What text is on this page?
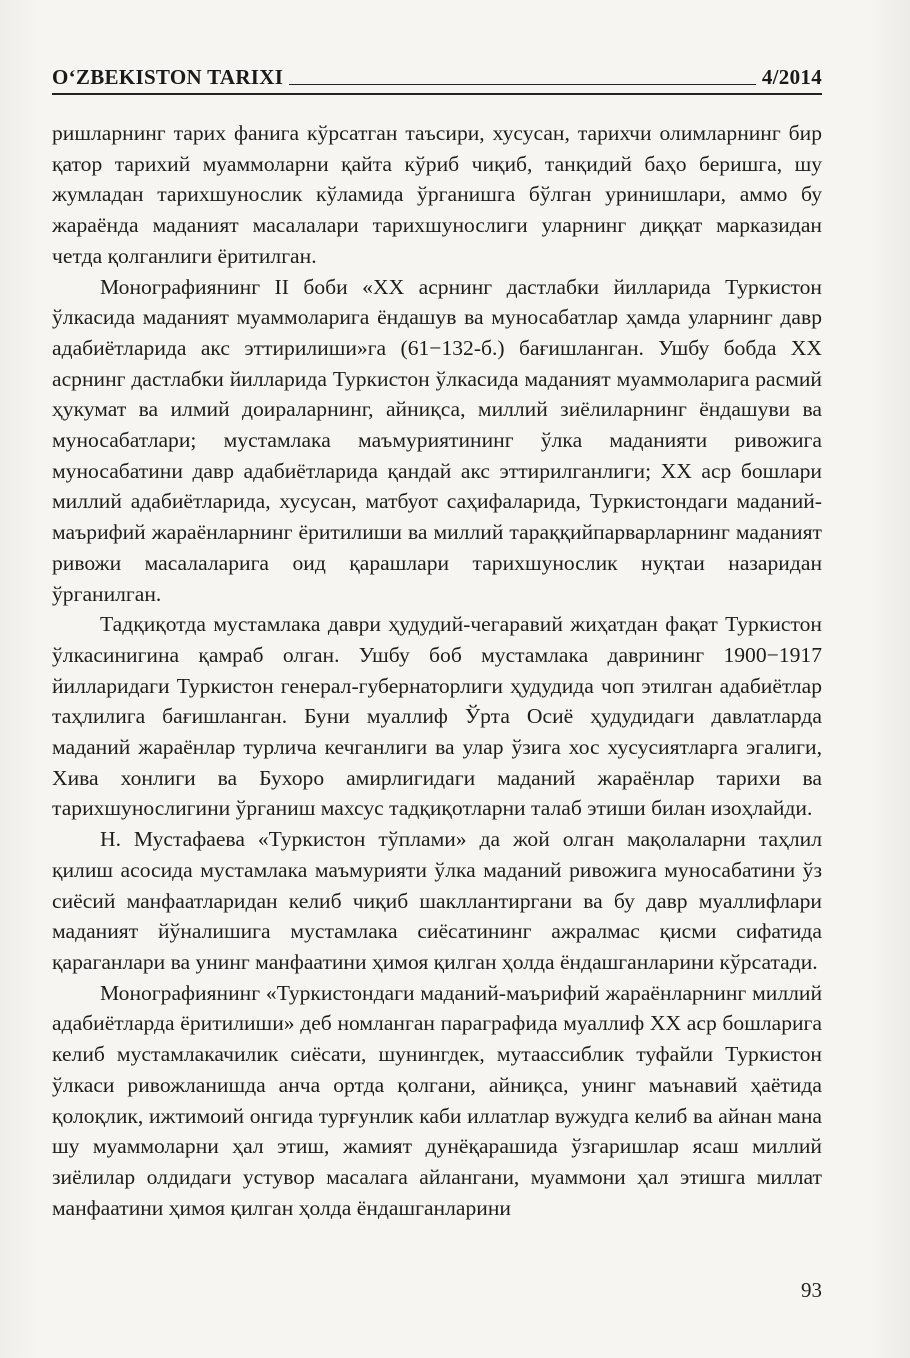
O‘ZBEKISTON TARIXI	4/2014

ришларнинг тарих фанига кўрсатган таъсири, хусусан, тарихчи олимларнинг бир қатор тарихий муаммоларни қайта кўриб чиқиб, танқидий баҳо беришга, шу жумладан тарихшунослик кўламида ўрганишга бўлган уринишлари, аммо бу жараёнда маданият масалалари тарихшунослиги уларнинг диққат марказидан четда қолганлиги ёритилган.

Монографиянинг II боби «ХХ асрнинг дастлабки йилларида Туркистон ўлкасида маданият муаммоларига ёндашув ва муносабатлар ҳамда уларнинг давр адабиётларида акс эттирилиши»га (61−132-б.) бағишланган. Ушбу бобда ХХ асрнинг дастлабки йилларида Туркистон ўлкасида маданият муаммоларига расмий ҳукумат ва илмий доираларнинг, айниқса, миллий зиёлиларнинг ёндашуви ва муносабатлари; мустамлака маъмуриятининг ўлка маданияти ривожига муносабатини давр адабиётларида қандай акс эттирилганлиги; ХХ аср бошлари миллий адабиётларида, хусусан, матбуот саҳифаларида, Туркистондаги маданий-маърифий жараёнларнинг ёритилиши ва миллий тараққийпарварларнинг маданият ривожи масалаларига оид қарашлари тарихшунослик нуқтаи назаридан ўрганилган.

Тадқиқотда мустамлака даври ҳудудий-чегаравий жиҳатдан фақат Туркистон ўлкасинигина қамраб олган. Ушбу боб мустамлака даврининг 1900−1917 йилларидаги Туркистон генерал-губернаторлиги ҳудудида чоп этилган адабиётлар таҳлилига бағишланган. Буни муаллиф Ўрта Осиё ҳудудидаги давлатларда маданий жараёнлар турлича кечганлиги ва улар ўзига хос хусусиятларга эгалиги, Хива хонлиги ва Бухоро амирлигидаги маданий жараёнлар тарихи ва тарихшунослигини ўрганиш махсус тадқиқотларни талаб этиши билан изоҳлайди.

Н. Мустафаева «Туркистон тўплами» да жой олган мақолаларни таҳлил қилиш асосида мустамлака маъмурияти ўлка маданий ривожига муносабатини ўз сиёсий манфаатларидан келиб чиқиб шакллантиргани ва бу давр муаллифлари маданият йўналишига мустамлака сиёсатининг ажралмас қисми сифатида қараганлари ва унинг манфаатини ҳимоя қилган ҳолда ёндашганларини кўрсатади.

Монографиянинг «Туркистондаги маданий-маърифий жараёнларнинг миллий адабиётларда ёритилиши» деб номланган параграфида муаллиф ХХ аср бошларига келиб мустамлакачилик сиёсати, шунингдек, мутаассиблик туфайли Туркистон ўлкаси ривожланишда анча ортда қолгани, айниқса, унинг маънавий ҳаётида қолоқлик, ижтимоий онгида турғунлик каби иллатлар вужудга келиб ва айнан мана шу муаммоларни ҳал этиш, жамият дунёқарашида ўзгаришлар ясаш миллий зиёлилар олдидаги устувор масалага айлангани, муаммони ҳал этишга миллат манфаатини ҳимоя қилган ҳолда ёндашганларини

93
